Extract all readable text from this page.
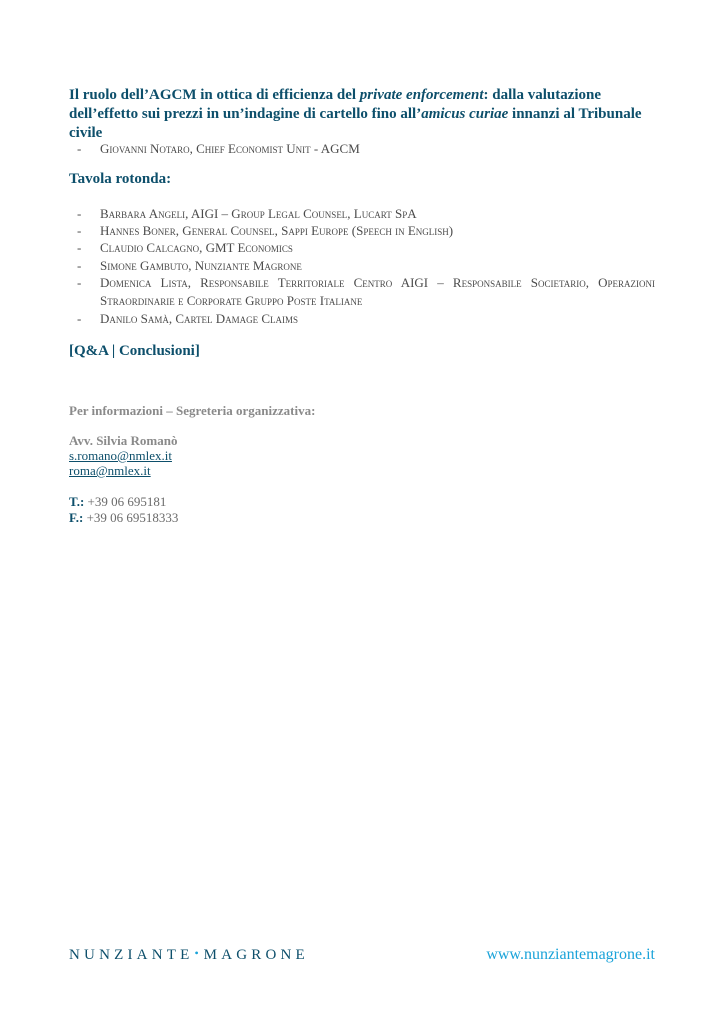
Il ruolo dell’AGCM in ottica di efficienza del private enforcement: dalla valutazione dell’effetto sui prezzi in un’indagine di cartello fino all’amicus curiae innanzi al Tribunale civile
-	Giovanni Notaro, Chief Economist Unit - AGCM
Tavola rotonda:
-	Barbara Angeli, AIGI – Group Legal Counsel, Lucart SpA
-	Hannes Boner, General Counsel, Sappi Europe (Speech in English)
-	Claudio Calcagno, GMT Economics
-	Simone Gambuto, Nunziante Magrone
-	Domenica Lista, Responsabile Territoriale Centro AIGI – Responsabile Societario, Operazioni Straordinarie e Corporate Gruppo Poste Italiane
-	Danilo Samà, Cartel Damage Claims
[Q&A | Conclusioni]
Per informazioni – Segreteria organizzativa:
Avv. Silvia Romanò
s.romano@nmlex.it
roma@nmlex.it
T.: +39 06 695181
F.: +39 06 69518333
NUNZIANTE• MAGRONE	www.nunziantemagrone.it
